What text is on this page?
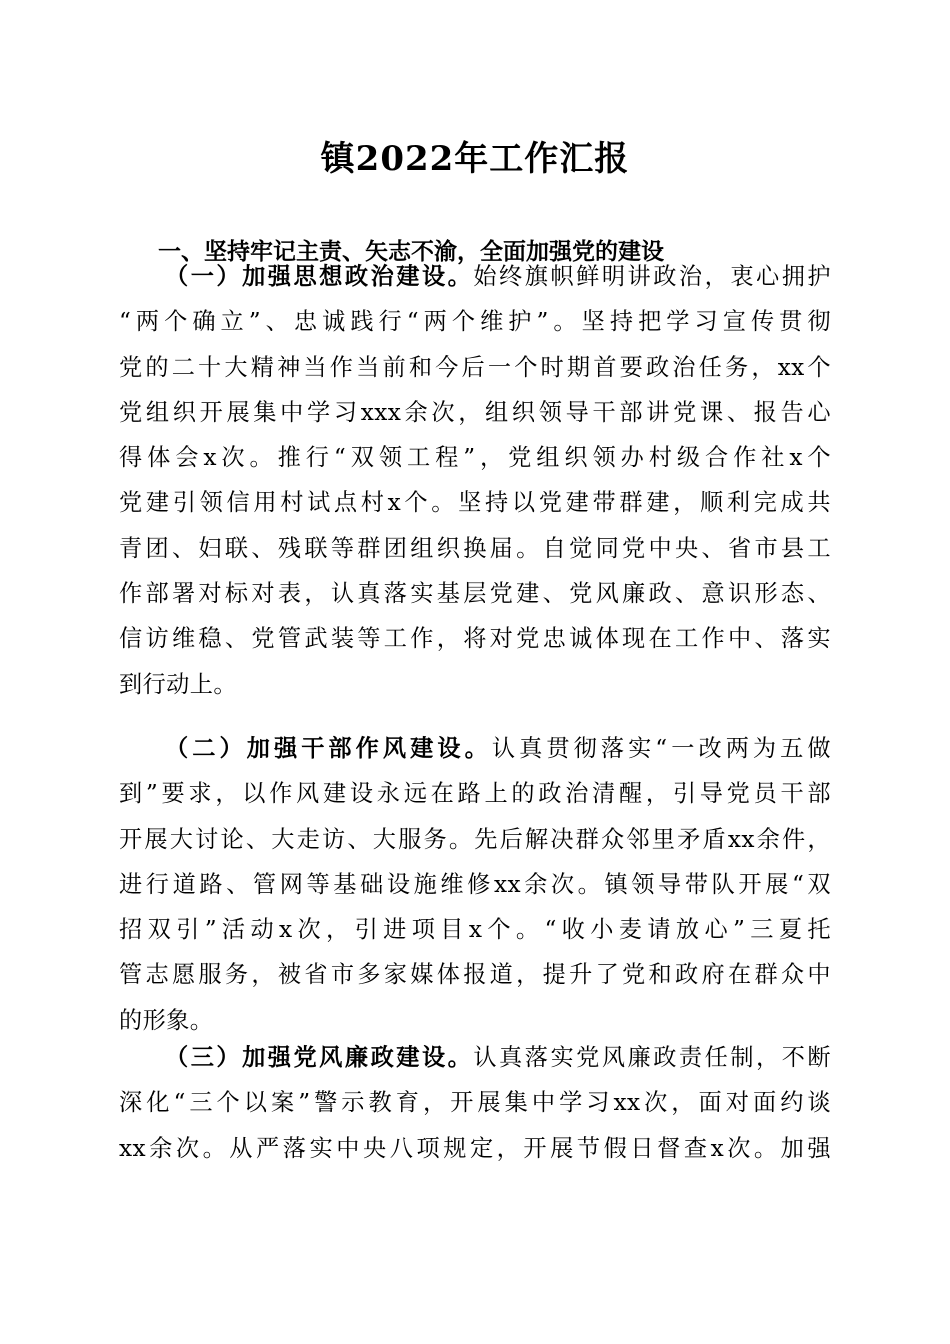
镇2022年工作汇报
一、坚持牢记主责、矢志不渝，全面加强党的建设
（一）加强思想政治建设。始终旗帜鲜明讲政治，衷心拥护
“两个确立”、忠诚践行“两个维护”。坚持把学习宣传贯彻
党的二十大精神当作当前和今后一个时期首要政治任务，xx个
党组织开展集中学习xxx余次，组织领导干部讲党课、报告心
得体会x次。推行“双领工程”，党组织领办村级合作社x个
党建引领信用村试点村x个。坚持以党建带群建，顺利完成共
青团、妇联、残联等群团组织换届。自觉同党中央、省市县工
作部署对标对表，认真落实基层党建、党风廉政、意识形态、
信访维稳、党管武装等工作，将对党忠诚体现在工作中、落实
到行动上。
（二）加强干部作风建设。认真贯彻落实“一改两为五做
到”要求，以作风建设永远在路上的政治清醒，引导党员干部
开展大讨论、大走访、大服务。先后解决群众邻里矛盾xx余件，
进行道路、管网等基础设施维修xx余次。镇领导带队开展“双
招双引”活动x次，引进项目x个。“收小麦请放心”三夏托
管志愿服务，被省市多家媒体报道，提升了党和政府在群众中
的形象。
（三）加强党风廉政建设。认真落实党风廉政责任制，不断
深化“三个以案”警示教育，开展集中学习xx次，面对面约谈
xx余次。从严落实中央八项规定，开展节假日督查x次。加强
